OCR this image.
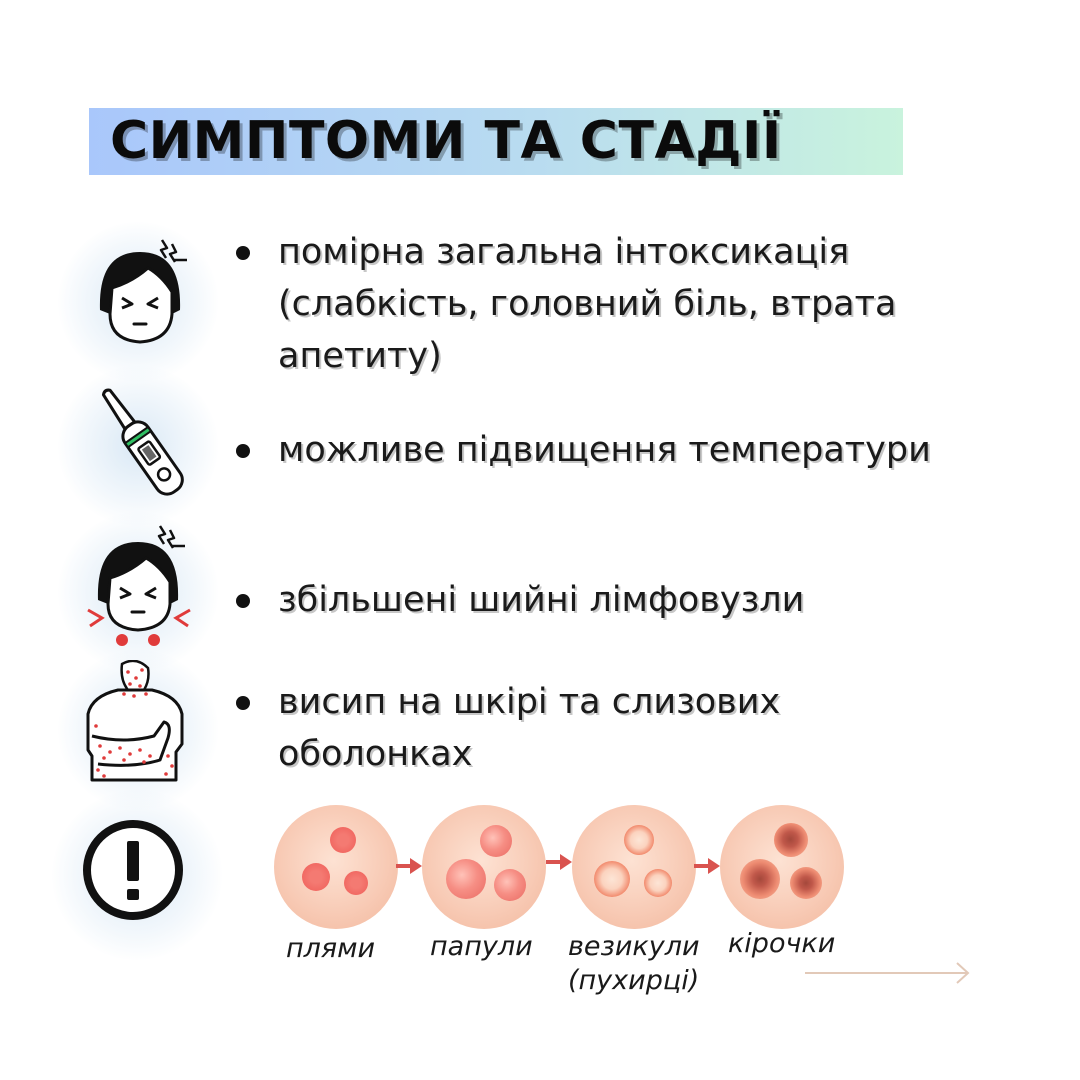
СИМПТОМИ ТА СТАДІЇ
помірна загальна інтоксикація (слабкість, головний біль, втрата апетиту)
можливе підвищення температури
збільшені шийні лімфовузли
висип на шкірі та слизових оболонках
плями папули везикули (пухирці)
кірочки
